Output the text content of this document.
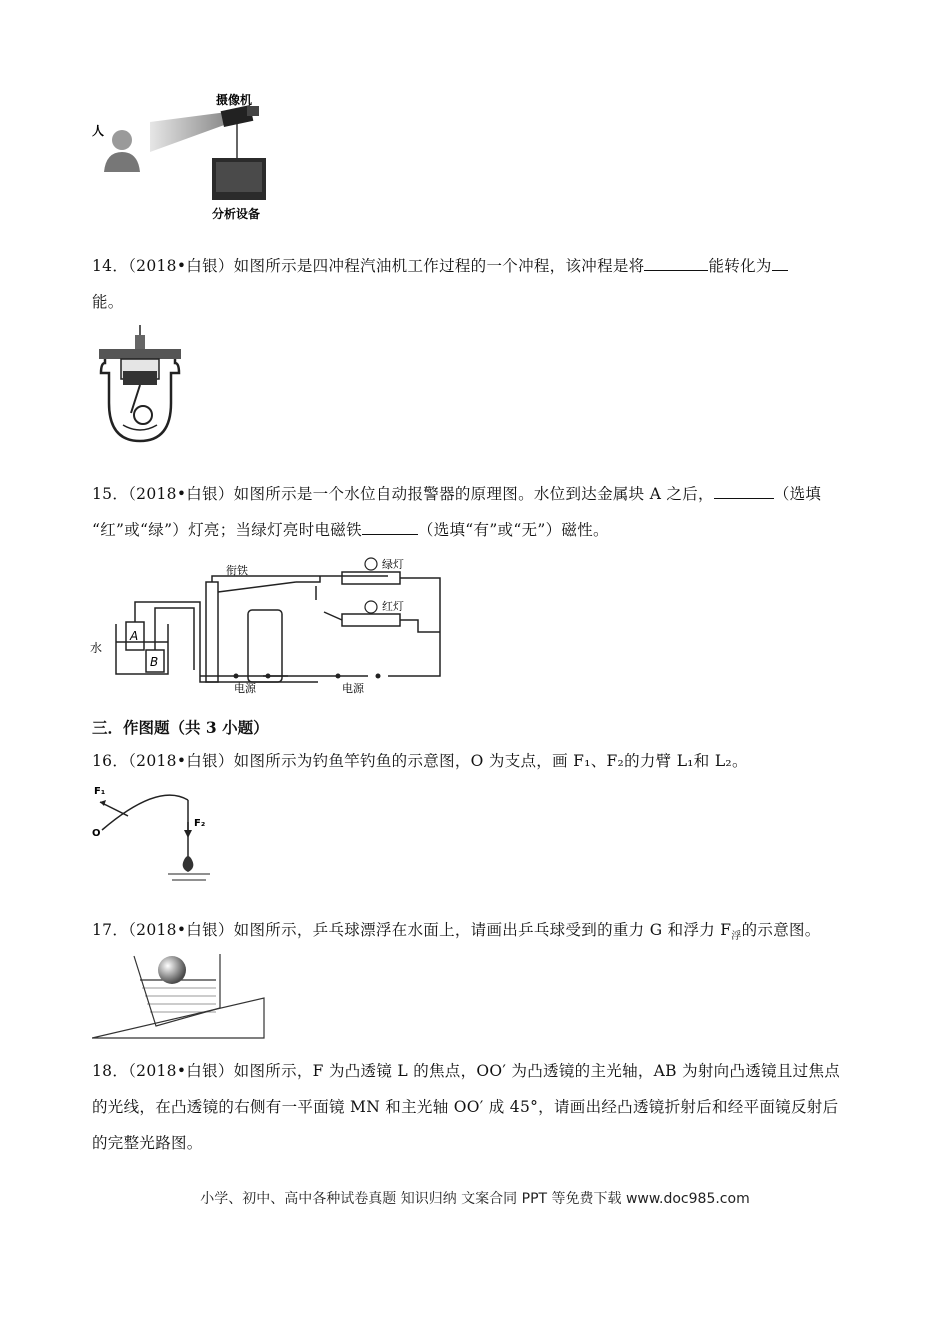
摄像机
人
分析设备
14．（2018•白银）如图所示是四冲程汽油机工作过程的一个冲程，该冲程是将	能转化为
能。
15．（2018•白银）如图所示是一个水位自动报警器的原理图。水位到达金属块 A 之后，	（选填
“红”或“绿”）灯亮；当绿灯亮时电磁铁	（选填“有”或“无”）磁性。
衔铁	绿灯
红灯
水
A
B
电源	电源
三．作图题（共 3 小题）
16．（2018•白银）如图所示为钓鱼竿钓鱼的示意图，O 为支点，画 F₁、F₂的力臂 L₁和 L₂。
F₁
F₂
O
17．（2018•白银）如图所示，乒乓球漂浮在水面上，请画出乒乓球受到的重力 G 和浮力 $F_浮$的示意图。
18．（2018•白银）如图所示，F 为凸透镜 L 的焦点，OO′ 为凸透镜的主光轴，AB 为射向凸透镜且过焦点
的光线，在凸透镜的右侧有一平面镜 MN 和主光轴 OO′ 成 45°，请画出经凸透镜折射后和经平面镜反射后
的完整光路图。
小学、初中、高中各种试卷真题 知识归纳 文案合同 PPT 等免费下载 www.doc985.com
